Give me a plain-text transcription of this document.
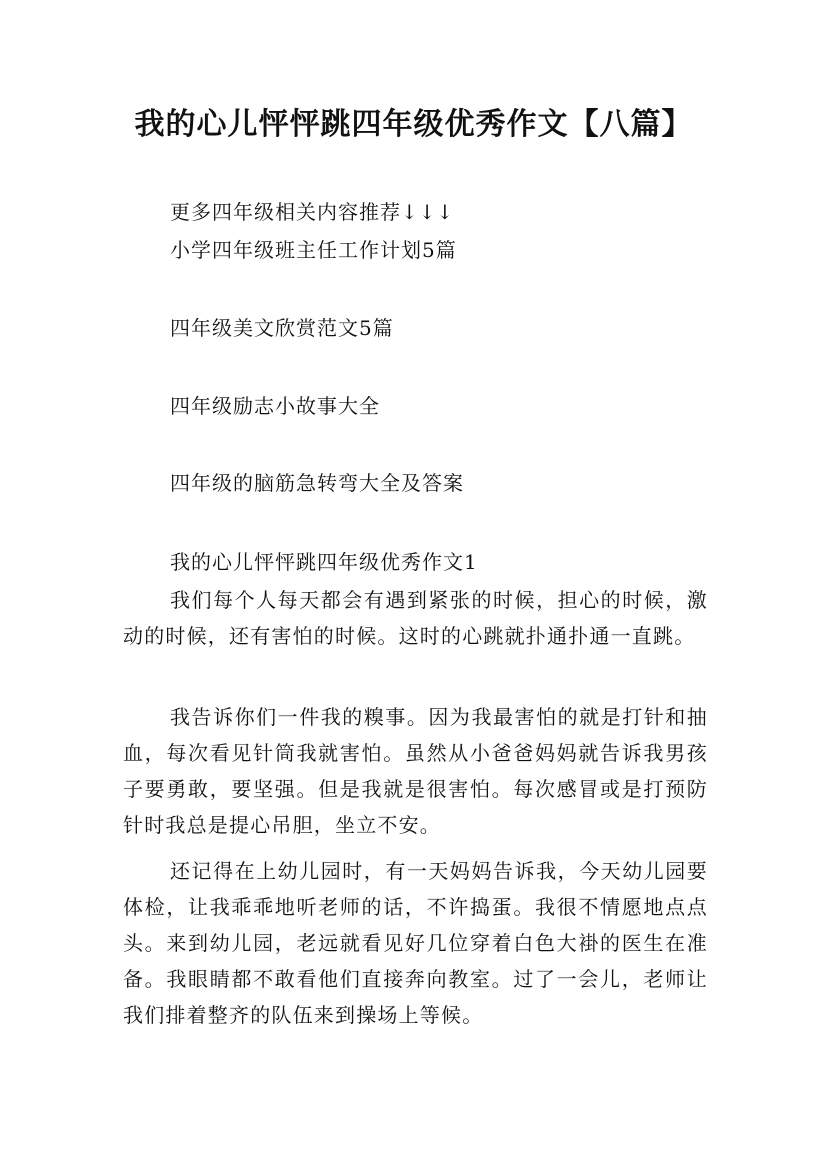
我的心儿怦怦跳四年级优秀作文【八篇】
更多四年级相关内容推荐↓↓↓
小学四年级班主任工作计划5篇
四年级美文欣赏范文5篇
四年级励志小故事大全
四年级的脑筋急转弯大全及答案
我的心儿怦怦跳四年级优秀作文1

我们每个人每天都会有遇到紧张的时候，担心的时候，激动的时候，还有害怕的时候。这时的心跳就扑通扑通一直跳。

我告诉你们一件我的糗事。因为我最害怕的就是打针和抽血，每次看见针筒我就害怕。虽然从小爸爸妈妈就告诉我男孩子要勇敢，要坚强。但是我就是很害怕。每次感冒或是打预防针时我总是提心吊胆，坐立不安。

还记得在上幼儿园时，有一天妈妈告诉我，今天幼儿园要体检，让我乖乖地听老师的话，不许捣蛋。我很不情愿地点点头。来到幼儿园，老远就看见好几位穿着白色大褂的医生在准备。我眼睛都不敢看他们直接奔向教室。过了一会儿，老师让我们排着整齐的队伍来到操场上等候。
